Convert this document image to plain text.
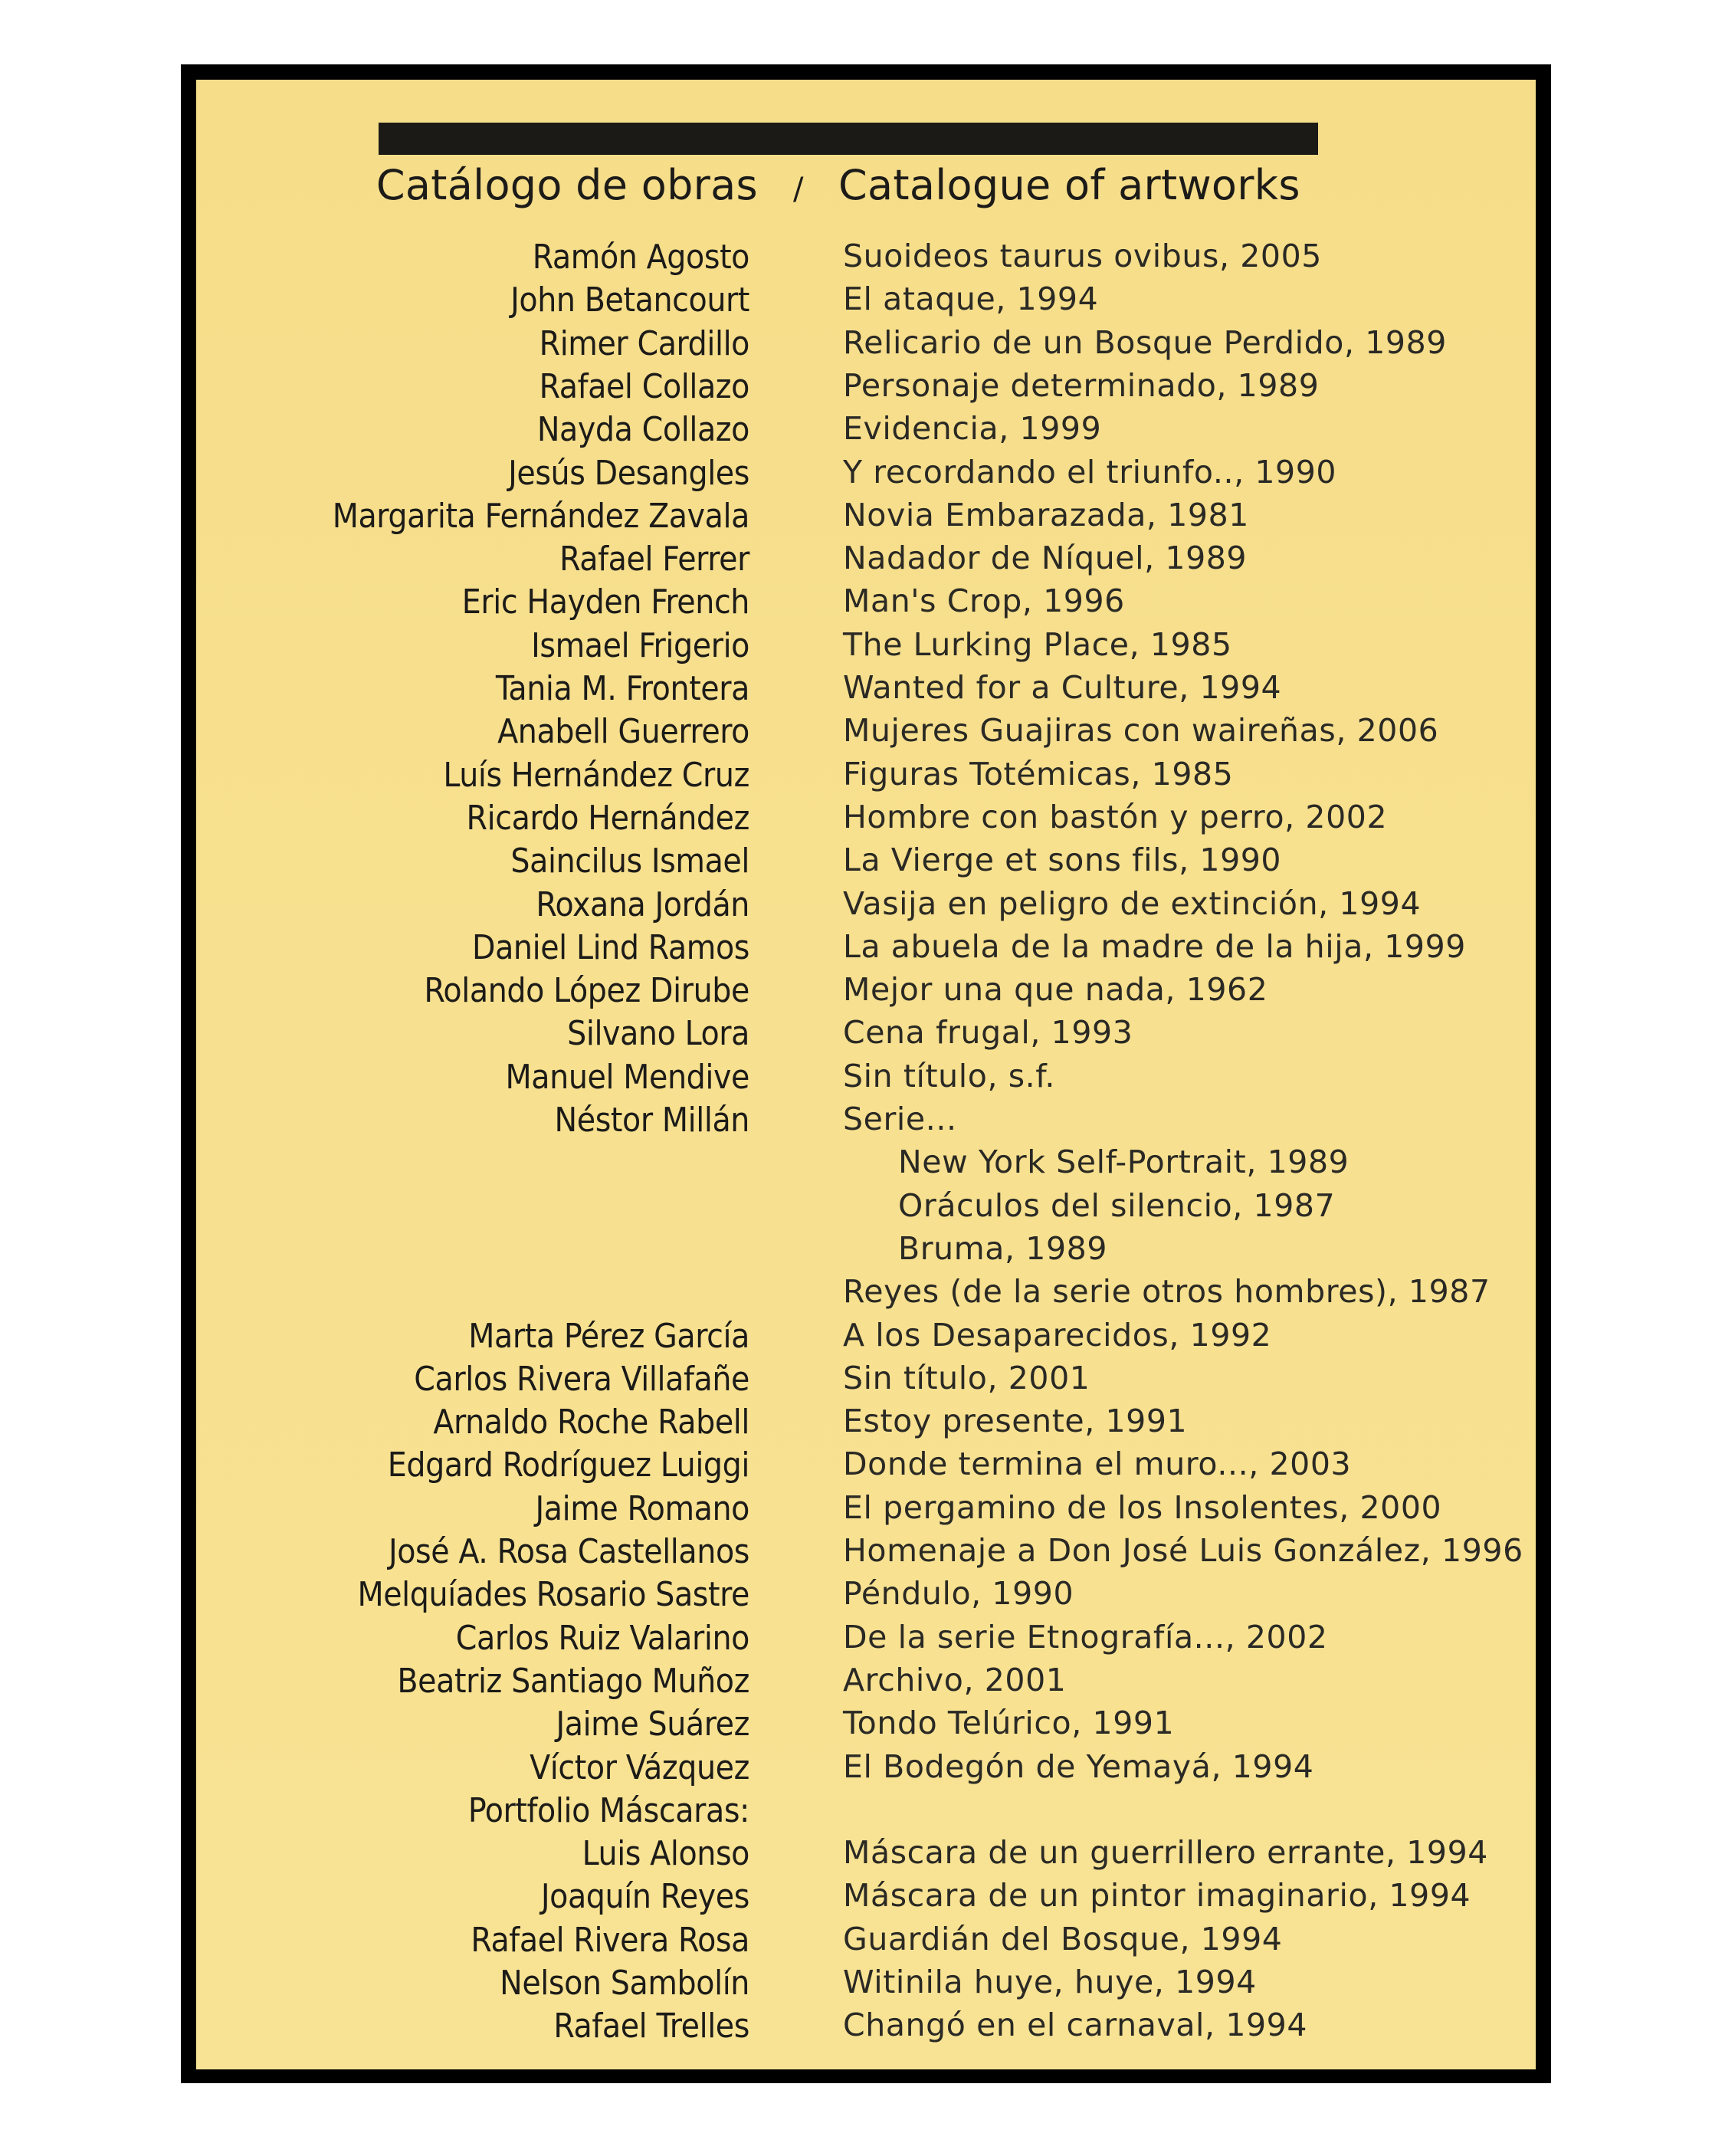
Catálogo de obras / Catalogue of artworks
Ramón Agosto	Suoideos taurus ovibus, 2005
John Betancourt	El ataque, 1994
Rimer Cardillo	Relicario de un Bosque Perdido, 1989
Rafael Collazo	Personaje determinado, 1989
Nayda Collazo	Evidencia, 1999
Jesús Desangles	Y recordando el triunfo.., 1990
Margarita Fernández Zavala	Novia Embarazada, 1981
Rafael Ferrer	Nadador de Níquel, 1989
Eric Hayden French	Man's Crop, 1996
Ismael Frigerio	The Lurking Place, 1985
Tania M. Frontera	Wanted for a Culture, 1994
Anabell Guerrero	Mujeres Guajiras con waireñas, 2006
Luís Hernández Cruz	Figuras Totémicas, 1985
Ricardo Hernández	Hombre con bastón y perro, 2002
Saincilus Ismael	La Vierge et sons fils, 1990
Roxana Jordán	Vasija en peligro de extinción, 1994
Daniel Lind Ramos	La abuela de la madre de la hija, 1999
Rolando López Dirube	Mejor una que nada, 1962
Silvano Lora	Cena frugal, 1993
Manuel Mendive	Sin título, s.f.
Néstor Millán	Serie...
New York Self-Portrait, 1989
Oráculos del silencio, 1987
Bruma, 1989
Reyes (de la serie otros hombres), 1987
Marta Pérez García	A los Desaparecidos, 1992
Carlos Rivera Villafañe	Sin título, 2001
Arnaldo Roche Rabell	Estoy presente, 1991
Edgard Rodríguez Luiggi	Donde termina el muro..., 2003
Jaime Romano	El pergamino de los Insolentes, 2000
José A. Rosa Castellanos	Homenaje a Don José Luis González, 1996
Melquíades Rosario Sastre	Péndulo, 1990
Carlos Ruiz Valarino	De la serie Etnografía..., 2002
Beatriz Santiago Muñoz	Archivo, 2001
Jaime Suárez	Tondo Telúrico, 1991
Víctor Vázquez	El Bodegón de Yemayá, 1994
Portfolio Máscaras:
Luis Alonso	Máscara de un guerrillero errante, 1994
Joaquín Reyes	Máscara de un pintor imaginario, 1994
Rafael Rivera Rosa	Guardián del Bosque, 1994
Nelson Sambolín	Witinila huye, huye, 1994
Rafael Trelles	Changó en el carnaval, 1994
